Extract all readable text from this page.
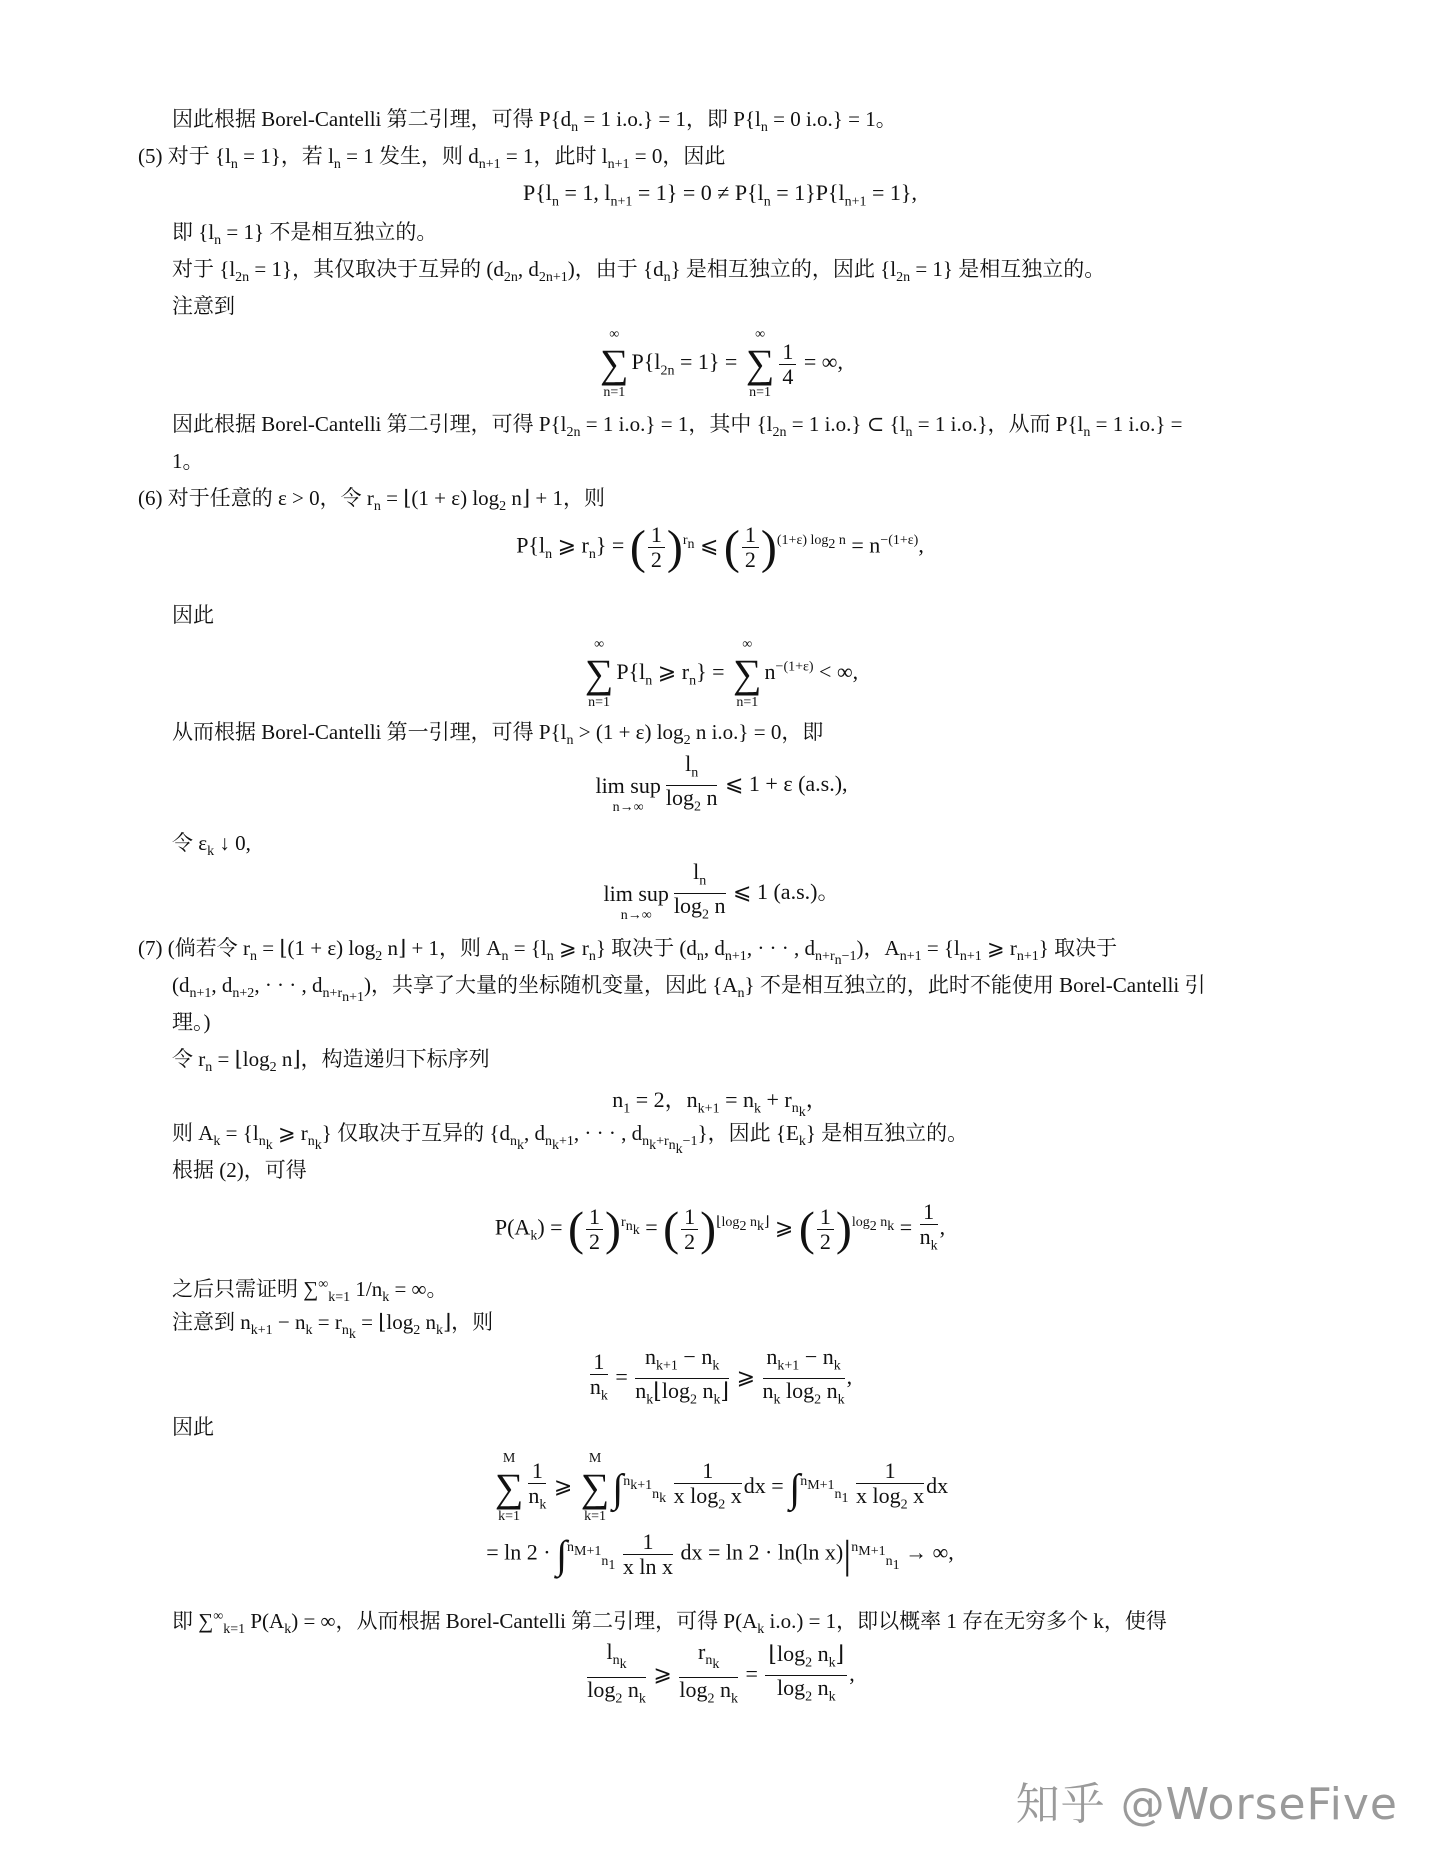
因此根据 Borel-Cantelli 第二引理，可得 $P\{d_n = 1$ i.o.} = 1，即 $P\{l_n = 0$ i.o.} = 1。
(5) 对于 $\{l_n = 1\}$，若 $l_n = 1$ 发生，则 $d_{n+1} = 1$，此时 $l_{n+1} = 0$，因此
$P\{l_n = 1$, $l_{n+1} = 1\} = 0 \ne P\{l_n = 1\}P\{l_{n+1} = 1\}$,
即 $\{l_n = 1\}$ 不是相互独立的。
对于 $\{l_{2n} = 1\}$，其仅取决于互异的 ($d_{2n}$, $d_{2n+1}$)，由于 $\{d_n\}$ 是相互独立的，因此 $\{l_{2n} = 1\}$ 是相互独立的。
注意到
∞
∑
n=1
$P\{l_{2n} = 1\}$ =
∞
∑
n=1
$\frac{1}{4}$ = ∞,
因此根据 Borel-Cantelli 第二引理，可得 $P\{l_{2n} = 1$ i.o.} = 1，其中 {$l_{2n} = 1$ i.o.} ⊂ {$l_n = 1$ i.o.}，从而 $P\{l_n = 1$ i.o.} =
1。
(6) 对于任意的 ε > 0，令 $r_n$ = ⌊(1 + ε) $\log_2$ n⌋ + 1，则
$P\{l_n$ ⩾ $r_n$} = ( $\frac{1}{2} )^{r_n}$ ⩽ ( $\frac{1}{2} )^{(1+\varepsilon) log_2 n} = n^{-(1+\varepsilon)}$,
因此
∞
∑
n=1
$P\{l_n$ ⩾ $r_n$} =
∞
∑
n=1
$n^{-(1+\varepsilon)}$ < ∞,
从而根据 Borel-Cantelli 第一引理，可得 $P\{l_n > (1 + \varepsilon)$ $\log_2 n$ i.o.} = 0，即

lim sup
n→∞	$\frac{l_n}{\log_2 n}$ ⩽ 1 + ε (a.s.),
令 $\varepsilon_k$ ↓ 0,

lim sup
n→∞	$\frac{l_n}{\log_2 n}$ ⩽ 1 (a.s.)。
(7) (倘若令 $r_n$ = ⌊(1 + ε) $\log_2$ n⌋ + 1，则 $A_n = \{l_n$ ⩾ $r_n$} 取决于 ($d_n$, $d_{n+1}$, · · · , $d_{n+r_n-1}$)，$A_{n+1} = \{l_{n+1}$ ⩾ $r_{n+1}$} 取决于
($d_{n+1}$, $d_{n+2}$, · · · , $d_{n+r_{n+1}}$)，共享了大量的坐标随机变量，因此 $\{A_n\}$ 不是相互独立的，此时不能使用 Borel-Cantelli 引
理。)
令 $r_n$ = $⌊\log_2$ n⌋，构造递归下标序列
$n_1 = 2$，$n_{k+1} = n_k + r_{n_k}$，
则 $A_k = \{l_{n_k}$ ⩾ $r_{n_k}$} 仅取决于互异的 {$d_{n_k}$, $d_{n_k+1}$, · · · , $d_{n_k+r_{n_k}-1}$}，因此 $\{E_k\}$ 是相互独立的。
根据 (2)，可得
$P(A_k)$ = ( $\frac{1}{2} )^{r_{n_k}}$ = ( $\frac{1}{2} )^{⌊log_2 n_k⌋}$ ⩾ ( $\frac{1}{2} )^{log_2 n_k} = \frac{1}{n_k}$ ,
之后只需证明 $\sum^\infty_{k=1}$ $1/n_k$ = ∞。
注意到 $n_{k+1} - n_k = r_{n_k}$ = $⌊\log_2$ $n_k⌋$，则
$\frac{1}{n_k} = \frac{n_{k+1} - n_k}{n_k⌊\log_2 n_k⌋}$ ⩾ $\frac{n_{k+1} - n_k}{n_k \log_2 n_k}$ ,
因此
M
∑
$k=1 \frac{1}{n_k}$ ⩾
M
∑
k=1
$\int^{n_{k+1}}_{n_k} \frac{1}{x \log_2 x}$ dx = $\int^{n_{M+1}}_{n_1} \frac{1}{x \log_2 x}$ dx
= $\ln 2 \cdot \int^{n_{M+1}}_{n_1} \frac{1}{\text{x ln x}}$ dx = ln 2 · ln(ln $x)|^{n_{M+1}}_{n_1}$ → ∞,
即 $\sum^\infty_{k=1}$ $P(A_k)$ = ∞，从而根据 Borel-Cantelli 第二引理，可得 $P(A_k$ i.o.) = 1，即以概率 1 存在无穷多个 k，使得
$\frac{l_{n_k}}{\log_2 n_k}$ ⩾ $\frac{r_{n_k}}{\log_2 n_k} = \frac{⌊\log_2 n_k⌋}{\log_2 n_k}$ ,
知乎 @WorseFive
